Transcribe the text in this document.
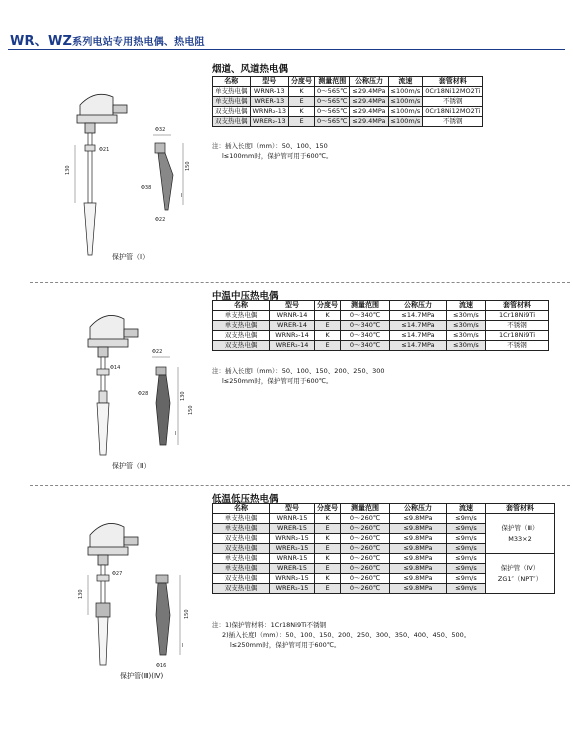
WR、WZ系列电站专用热电偶、热电阻
烟道、风道热电偶
Φ32
Φ21
130	150
Φ38
Φ22
l
名称	型号	分度号	测量范围	公称压力	流速	套管材料
单支热电偶	WRNR-13	K	0～565℃	≤29.4MPa	≤100m/s	0Cr18Ni12MO2Ti
单支热电偶	WRER-13	E	0～565℃	≤29.4MPa	≤100m/s	不锈钢
双支热电偶	WRNR₂-13	K	0～565℃	≤29.4MPa	≤100m/s	0Cr18Ni12MO2Ti
双支热电偶	WRER₂-13	E	0～565℃	≤29.4MPa	≤100m/s	不锈钢
注：插入长度l（mm）：50、100、150
l≤100mm时，保护管可用于600℃。
保护管（Ⅰ）
中温中压热电偶
Φ22
Φ28
Φ14
130
150
l
名称	型号	分度号	测量范围	公称压力	流速	套管材料
单支热电偶	WRNR-14	K	0～340℃	≤14.7MPa	≤30m/s	1Cr18Ni9Ti
单支热电偶	WRER-14	E	0～340℃	≤14.7MPa	≤30m/s	不锈钢
双支热电偶	WRNR₂-14	K	0～340℃	≤14.7MPa	≤30m/s	1Cr18Ni9Ti
双支热电偶	WRER₂-14	E	0～340℃	≤14.7MPa	≤30m/s	不锈钢
注：插入长度l（mm）：50、100、150、200、250、300
l≤250mm时，保护管可用于600℃。
保护管（Ⅱ）
低温低压热电偶
Φ27
130
150
Φ16
l
名称	型号	分度号	测量范围	公称压力	流速	套管材料
单支热电偶	WRNR-15	K	0～260℃	≤9.8MPa	≤9m/s	保护管（Ⅲ）
M33×2

单支热电偶	WRER-15	E	0～260℃	≤9.8MPa	≤9m/s	
双支热电偶	WRNR₂-15	K	0～260℃	≤9.8MPa	≤9m/s	
双支热电偶	WRER₂-15	E	0～260℃	≤9.8MPa	≤9m/s	
单支热电偶	WRNR-15	K	0～260℃	≤9.8MPa	≤9m/s	保护管（Ⅳ）
ZG1″（NPT″）

单支热电偶	WRER-15	E	0～260℃	≤9.8MPa	≤9m/s	
双支热电偶	WRNR₂-15	K	0～260℃	≤9.8MPa	≤9m/s	
双支热电偶	WRER₂-15	E	0～260℃	≤9.8MPa	≤9m/s	
注：1)保护管材料：1Cr18Ni9Ti不锈钢
2)插入长度l（mm）：50、100、150、200、250、300、350、400、450、500。
l≤250mm时，保护管可用于600℃。
保护管(Ⅲ)(Ⅳ)
